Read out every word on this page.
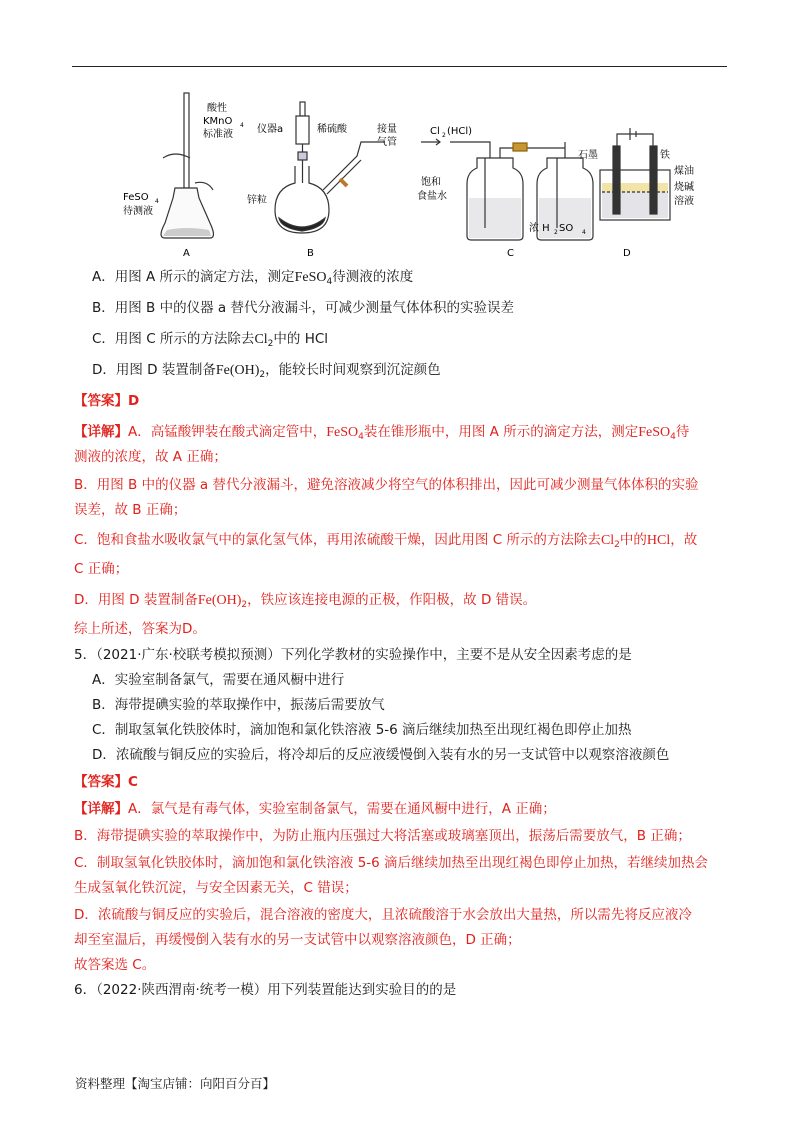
酸性
KMnO 4
标准液
FeSO 4
待测液
A
仪器a	稀硫酸	接量
气管
锌粒
B
Cl 2 (HCl)
饱和
食盐水
浓 H 2 SO 4
C
石墨	铁
煤油
烧碱
溶液
D
A．用图 A 所示的滴定方法，测定FeSO$_4$待测液的浓度
B．用图 B 中的仪器 a 替代分液漏斗，可减少测量气体体积的实验误差
C．用图 C 所示的方法除去$Cl_2$中的 HCl
D．用图 D 装置制备$Fe(OH)_2$，能较长时间观察到沉淀颜色
【答案】D
【详解】A．高锰酸钾装在酸式滴定管中，FeSO$_4$装在锥形瓶中，用图 A 所示的滴定方法，测定FeSO$_4$待
测液的浓度，故 A 正确；
B．用图 B 中的仪器 a 替代分液漏斗，避免溶液减少将空气的体积排出，因此可减少测量气体体积的实验
误差，故 B 正确；
C．饱和食盐水吸收氯气中的氯化氢气体，再用浓硫酸干燥，因此用图 C 所示的方法除去$Cl_2$中的HCl，故
C 正确；
D．用图 D 装置制备$Fe(OH)_2$，铁应该连接电源的正极，作阳极，故 D 错误。
综上所述，答案为D。
5．（2021·广东·校联考模拟预测）下列化学教材的实验操作中，主要不是从安全因素考虑的是
A．实验室制备氯气，需要在通风橱中进行
B．海带提碘实验的萃取操作中，振荡后需要放气
C．制取氢氧化铁胶体时，滴加饱和氯化铁溶液 5-6 滴后继续加热至出现红褐色即停止加热
D．浓硫酸与铜反应的实验后，将冷却后的反应液缓慢倒入装有水的另一支试管中以观察溶液颜色
【答案】C
【详解】A．氯气是有毒气体，实验室制备氯气，需要在通风橱中进行，A 正确；
B．海带提碘实验的萃取操作中，为防止瓶内压强过大将活塞或玻璃塞顶出，振荡后需要放气，B 正确；
C．制取氢氧化铁胶体时，滴加饱和氯化铁溶液 5-6 滴后继续加热至出现红褐色即停止加热，若继续加热会
生成氢氧化铁沉淀，与安全因素无关，C 错误；
D．浓硫酸与铜反应的实验后，混合溶液的密度大，且浓硫酸溶于水会放出大量热，所以需先将反应液冷
却至室温后，再缓慢倒入装有水的另一支试管中以观察溶液颜色，D 正确；
故答案选 C。
6．（2022·陕西渭南·统考一模）用下列装置能达到实验目的的是
资料整理【淘宝店铺：向阳百分百】
